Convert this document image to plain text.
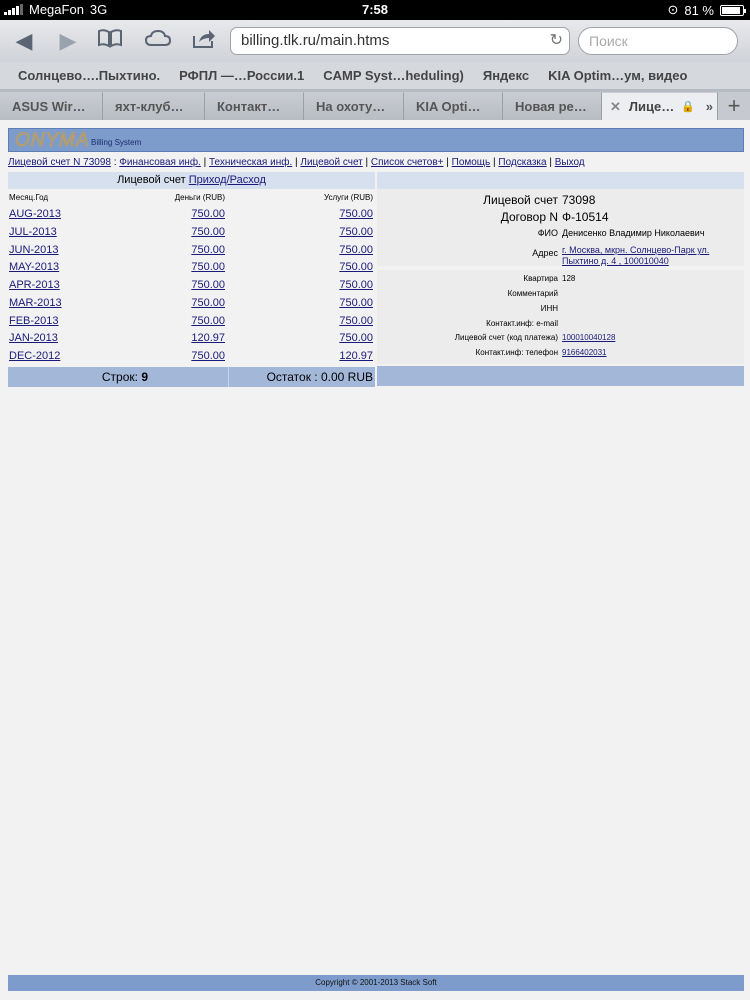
MegaFon 3G	7:58	⊙ 81 %
◀ ▶	billing.tlk.ru/main.htms	↻	Поиск
Солнцево….Пыхтино. РФПЛ —…России.1 CAMP Syst…heduling) Яндекс KIA Optim…ум, видео
ASUS Wir…	яхт-клуб…	Контакт…	На охоту…	KIA Opti…	Новая ре…	✕ Лице… 🔒 » +
ONYMA Billing System
Лицевой счет N 73098 : Финансовая инф. | Техническая инф. | Лицевой счет | Список счетов+ | Помощь | Подсказка | Выход
Лицевой счет Приход/Расход
Месяц.Год	Деньги (RUB)	Услуги (RUB)
AUG-2013	750.00	750.00
JUL-2013	750.00	750.00
JUN-2013	750.00	750.00
MAY-2013	750.00	750.00
APR-2013	750.00	750.00
MAR-2013	750.00	750.00
FEB-2013	750.00	750.00
JAN-2013	120.97	750.00
DEC-2012	750.00	120.97
Строк: 9	Остаток : 0.00 RUB
Лицевой счет 73098
Договор N Ф-10514
ФИО Денисенко Владимир Николаевич
Адрес г. Москва, мкрн. Солнцево-Парк ул.
Пыхтино д. 4 , 100010040
Квартира 128
Комментарий
ИНН
Контакт.инф: e-mail
Лицевой счет (код платежа) 100010040128
Контакт.инф: телефон 9166402031
Copyright © 2001-2013 Stack Soft
